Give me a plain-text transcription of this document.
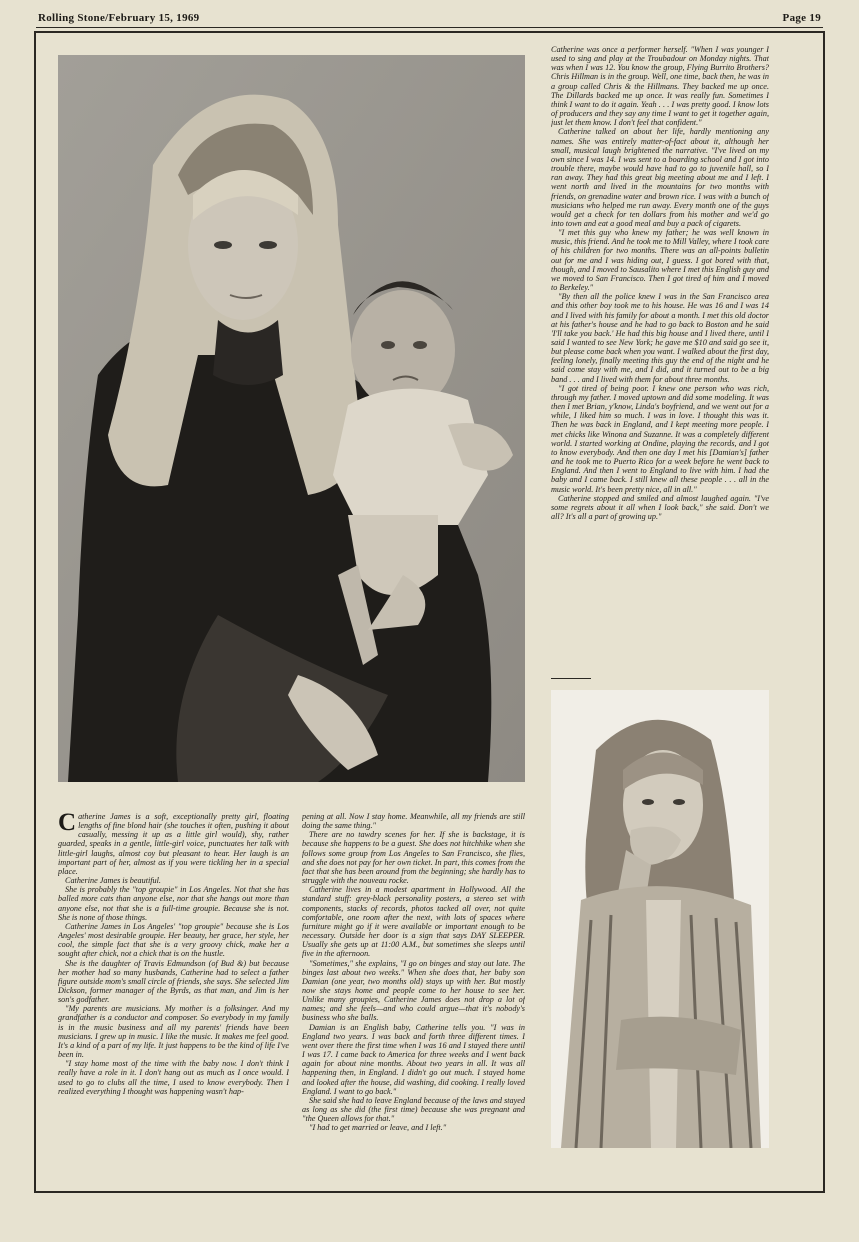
Rolling Stone/February 15, 1969	Page 19

Catherine was once a performer herself. "When I was younger I used to sing and play at the Troubadour on Monday nights. That was when I was 12. You know the group, Flying Burrito Brothers? Chris Hillman is in the group. Well, one time, back then, he was in a group called Chris & the Hillmans. They backed me up once. The Dillards backed me up once. It was really fun. Sometimes I think I want to do it again. Yeah . . . I was pretty good. I know lots of producers and they say any time I want to get it together again, just let them know. I don't feel that confident."

Catherine talked on about her life, hardly mentioning any names. She was entirely matter-of-fact about it, although her small, musical laugh brightened the narrative. "I've lived on my own since I was 14. I was sent to a boarding school and I got into trouble there, maybe would have had to go to juvenile hall, so I ran away. They had this great big meeting about me and I left. I went north and lived in the mountains for two months with friends, on grenadine water and brown rice. I was with a bunch of musicians who helped me run away. Every month one of the guys would get a check for ten dollars from his mother and we'd go into town and eat a good meal and buy a pack of cigarets.

"I met this guy who knew my father; he was well known in music, this friend. And he took me to Mill Valley, where I took care of his children for two months. There was an all-points bulletin out for me and I was hiding out, I guess. I got bored with that, though, and I moved to Sausalito where I met this English guy and we moved to San Francisco. Then I got tired of him and I moved to Berkeley."

"By then all the police knew I was in the San Francisco area and this other boy took me to his house. He was 16 and I was 14 and I lived with his family for about a month. I met this old doctor at his father's house and he had to go back to Boston and he said 'I'll take you back.' He had this big house and I lived there, until I said I wanted to see New York; he gave me $10 and said go see it, but please come back when you want. I walked about the first day, feeling lonely, finally meeting this guy the end of the night and he said come stay with me, and I did, and it turned out to be a big band . . . and I lived with them for about three months.

"I got tired of being poor. I knew one person who was rich, through my father. I moved uptown and did some modeling. It was then I met Brian, y'know, Linda's boyfriend, and we went out for a while, I liked him so much. I was in love. I thought this was it. Then he was back in England, and I kept meeting more people. I met chicks like Winona and Suzanne. It was a completely different world. I started working at Ondine, playing the records, and I got to know everybody. And then one day I met his [Damian's] father and he took me to Puerto Rico for a week before he went back to England. And then I went to England to live with him. I had the baby and I came back. I still knew all these people . . . all in the music world. It's been pretty nice, all in all."

Catherine stopped and smiled and almost laughed again. "I've some regrets about it all when I look back," she said. Don't we all? It's all a part of growing up."

Catherine James is a soft, exceptionally pretty girl, floating lengths of fine blond hair (she touches it often, pushing it about casually, messing it up as a little girl would), shy, rather guarded, speaks in a gentle, little-girl voice, punctuates her talk with little-girl laughs, almost coy but pleasant to hear. Her laugh is an important part of her, almost as if you were tickling her in a special place.

Catherine James is beautiful.

She is probably the "top groupie" in Los Angeles. Not that she has balled more cats than anyone else, nor that she hangs out more than anyone else, not that she is a full-time groupie. Because she is not. She is none of those things.

Catherine James in Los Angeles' "top groupie" because she is Los Angeles' most desirable groupie. Her beauty, her grace, her style, her cool, the simple fact that she is a very groovy chick, make her a sought after chick, not a chick that is on the hustle.

She is the daughter of Travis Edmundson (of Bud &) but because her mother had so many husbands, Catherine had to select a father figure outside mom's small circle of friends, she says. She selected Jim Dickson, former manager of the Byrds, as that man, and Jim is her son's godfather.

"My parents are musicians. My mother is a folksinger. And my grandfather is a conductor and composer. So everybody in my family is in the music business and all my parents' friends have been musicians. I grew up in music. I like the music. It makes me feel good. It's a kind of a part of my life. It just happens to be the kind of life I've been in.

"I stay home most of the time with the baby now. I don't think I really have a role in it. I don't hang out as much as I once would. I used to go to clubs all the time, I used to know everybody. Then I realized everything I thought was happening wasn't hap-

pening at all. Now I stay home. Meanwhile, all my friends are still doing the same thing."

There are no tawdry scenes for her. If she is backstage, it is because she happens to be a guest. She does not hitchhike when she follows some group from Los Angeles to San Francisco, she flies, and she does not pay for her own ticket. In part, this comes from the fact that she has been around from the beginning; she hardly has to struggle with the nouveau rocke.

Catherine lives in a modest apartment in Hollywood. All the standard stuff: grey-black personality posters, a stereo set with components, stacks of records, photos tacked all over, not quite comfortable, one room after the next, with lots of spaces where furniture might go if it were available or important enough to be necessary. Outside her door is a sign that says DAY SLEEPER. Usually she gets up at 11:00 A.M., but sometimes she sleeps until five in the afternoon.

"Sometimes," she explains, "I go on binges and stay out late. The binges last about two weeks." When she does that, her baby son Damian (one year, two months old) stays up with her. But mostly now she stays home and people come to her house to see her. Unlike many groupies, Catherine James does not drop a lot of names; and she feels—and who could argue—that it's nobody's business who she balls.

Damian is an English baby, Catherine tells you. "I was in England two years. I was back and forth three different times. I went over there the first time when I was 16 and I stayed there until I was 17. I came back to America for three weeks and I went back again for about nine months. About two years in all. It was all happening then, in England. I didn't go out much. I stayed home and looked after the house, did washing, did cooking. I really loved England. I want to go back."

She said she had to leave England because of the laws and stayed as long as she did (the first time) because she was pregnant and "the Queen allows for that."

"I had to get married or leave, and I left."
